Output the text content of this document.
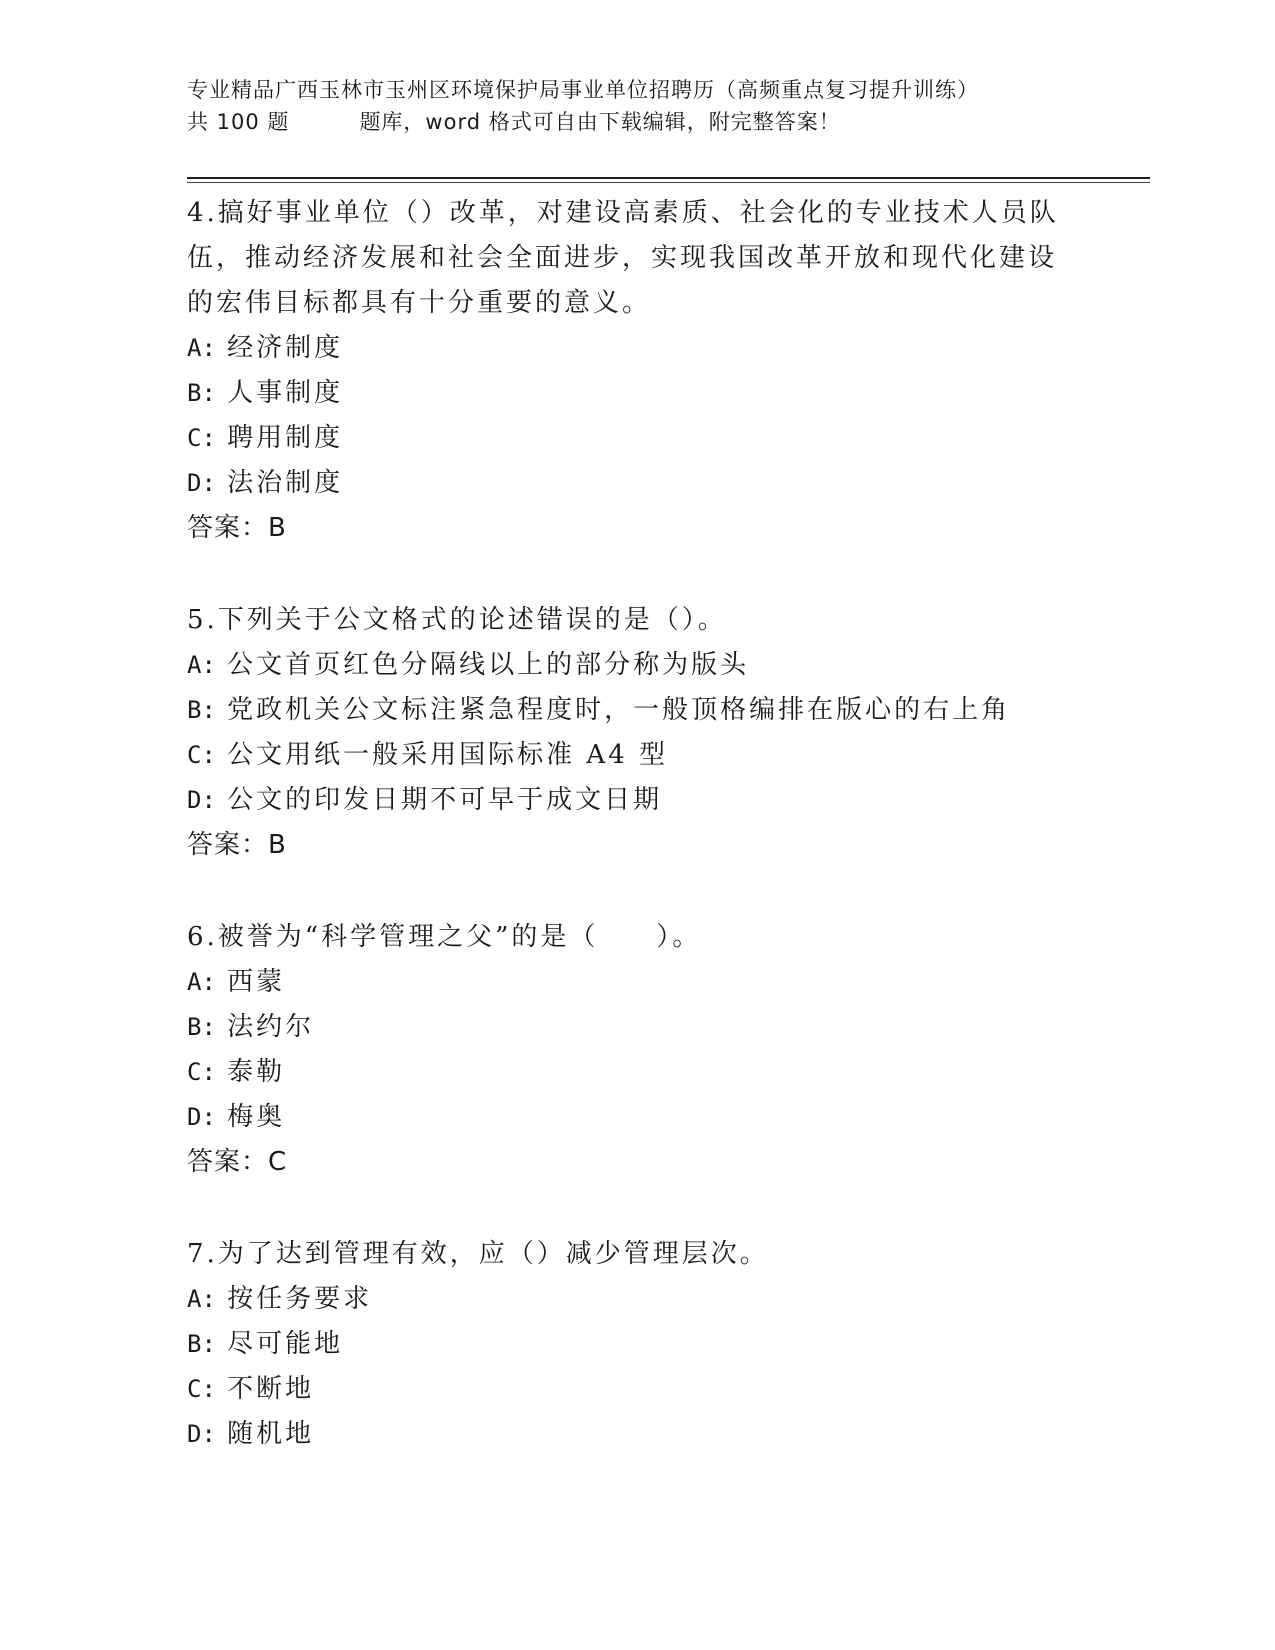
专业精品广西玉林市玉州区环境保护局事业单位招聘历（高频重点复习提升训练）
共 100 题	题库，word 格式可自由下载编辑，附完整答案！

4.搞好事业单位（）改革，对建设高素质、社会化的专业技术人员队伍，推动经济发展和社会全面进步，实现我国改革开放和现代化建设的宏伟目标都具有十分重要的意义。

A: 经济制度

B: 人事制度

C: 聘用制度

D: 法治制度

答案：B

5.下列关于公文格式的论述错误的是（）。

A: 公文首页红色分隔线以上的部分称为版头

B: 党政机关公文标注紧急程度时，一般顶格编排在版心的右上角

C: 公文用纸一般采用国际标准 A4 型

D: 公文的印发日期不可早于成文日期

答案：B

6.被誉为“科学管理之父”的是（　　）。

A: 西蒙

B: 法约尔

C: 泰勒

D: 梅奥

答案：C

7.为了达到管理有效，应（）减少管理层次。

A: 按任务要求

B: 尽可能地

C: 不断地

D: 随机地
